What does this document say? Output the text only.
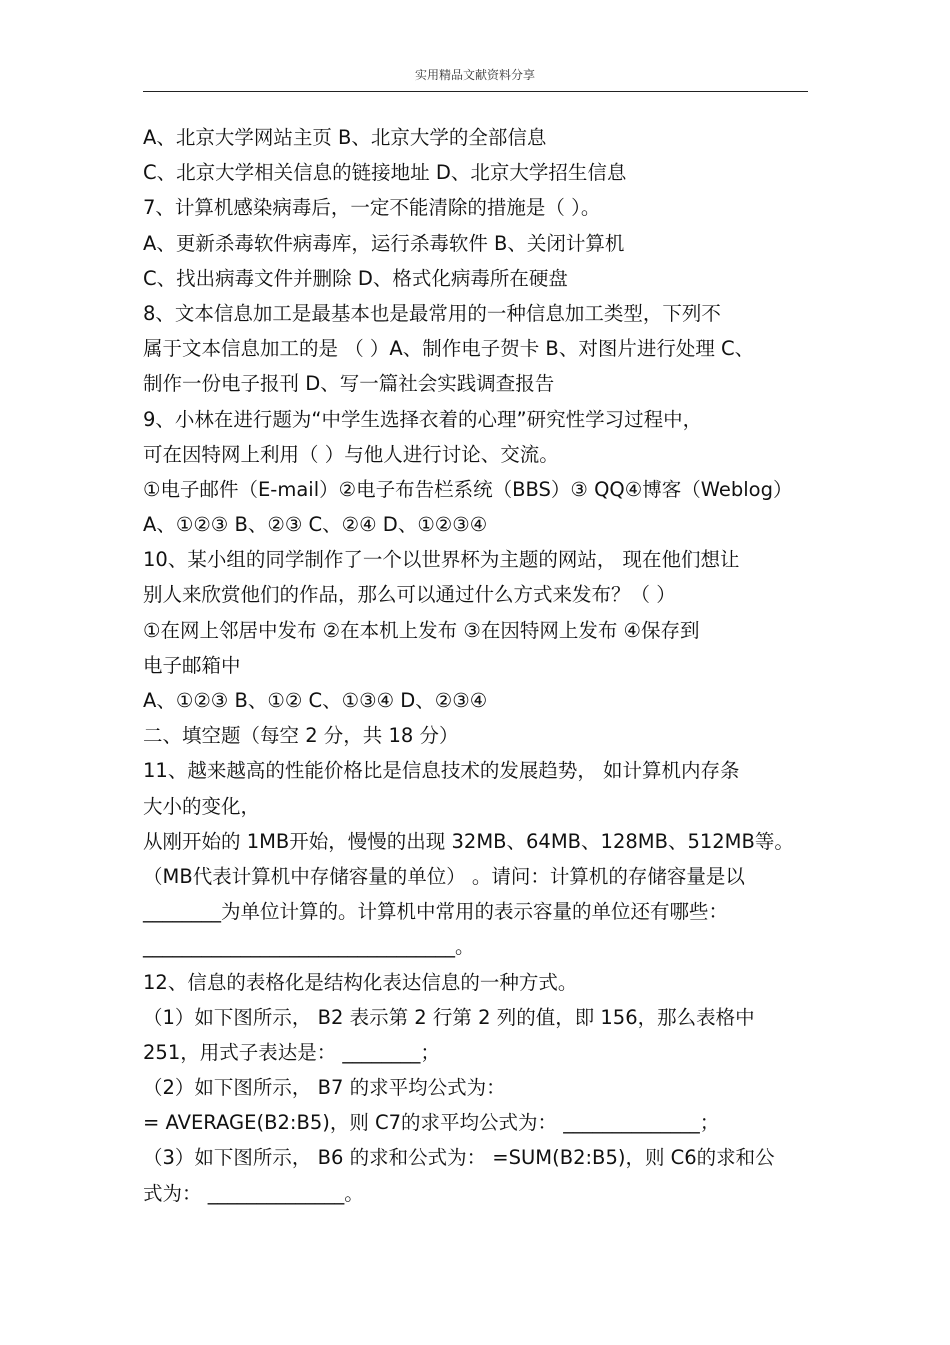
实用精品文献资料分享
A、北京大学网站主页 B、北京大学的全部信息
C、北京大学相关信息的链接地址 D、北京大学招生信息
7、计算机感染病毒后，一定不能清除的措施是（ ）。
A、更新杀毒软件病毒库，运行杀毒软件 B、关闭计算机
C、找出病毒文件并删除 D、格式化病毒所在硬盘
8、文本信息加工是最基本也是最常用的一种信息加工类型，下列不
属于文本信息加工的是 （ ）A、制作电子贺卡 B、对图片进行处理 C、
制作一份电子报刊 D、写一篇社会实践调查报告
9、小林在进行题为“中学生选择衣着的心理”研究性学习过程中，
可在因特网上利用（ ）与他人进行讨论、交流。
①电子邮件（E-mail）②电子布告栏系统（BBS）③ QQ④博客（Weblog）
A、①②③ B、②③ C、②④ D、①②③④
10、某小组的同学制作了一个以世界杯为主题的网站， 现在他们想让
别人来欣赏他们的作品，那么可以通过什么方式来发布？（ ）
①在网上邻居中发布 ②在本机上发布 ③在因特网上发布 ④保存到
电子邮箱中
A、①②③ B、①② C、①③④ D、②③④
二、填空题（每空 2 分，共 18 分）
11、越来越高的性能价格比是信息技术的发展趋势， 如计算机内存条
大小的变化，
从刚开始的 1MB开始，慢慢的出现 32MB、64MB、128MB、512MB等。
（MB代表计算机中存储容量的单位） 。请问：计算机的存储容量是以
________为单位计算的。计算机中常用的表示容量的单位还有哪些：
________________________________。
12、信息的表格化是结构化表达信息的一种方式。
（1）如下图所示， B2 表示第 2 行第 2 列的值，即 156，那么表格中
251，用式子表达是： ________；
（2）如下图所示， B7 的求平均公式为：
= AVERAGE(B2:B5)，则 C7的求平均公式为： ______________；
（3）如下图所示， B6 的求和公式为： =SUM(B2:B5)，则 C6的求和公
式为： ______________。
